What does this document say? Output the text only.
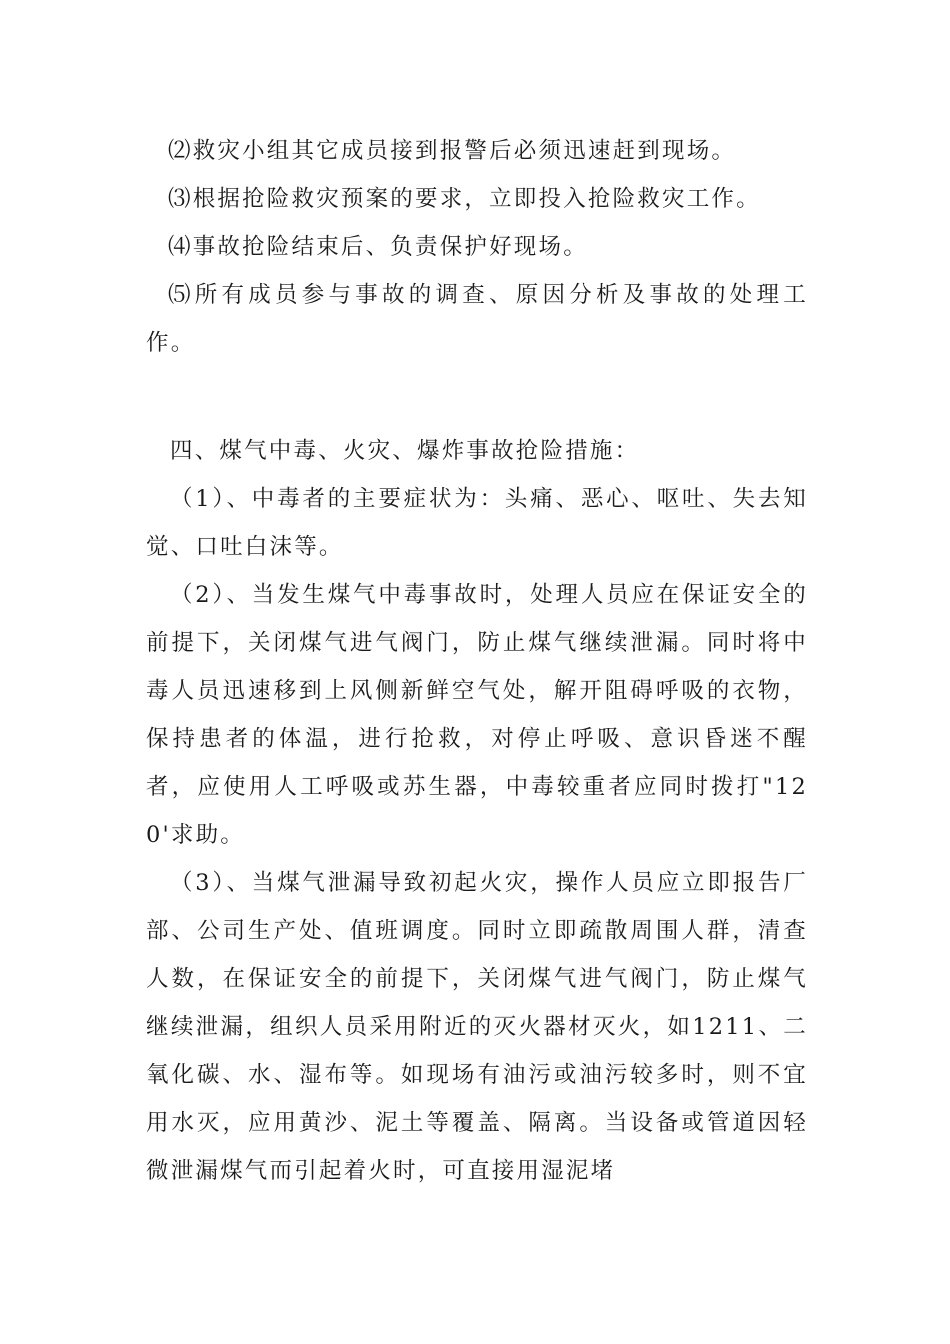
⑵救灾小组其它成员接到报警后必须迅速赶到现场。

⑶根据抢险救灾预案的要求，立即投入抢险救灾工作。

⑷事故抢险结束后、负责保护好现场。

⑸所有成员参与事故的调查、原因分析及事故的处理工作。

四、煤气中毒、火灾、爆炸事故抢险措施：

（1）、中毒者的主要症状为：头痛、恶心、呕吐、失去知觉、口吐白沫等。

（2）、当发生煤气中毒事故时，处理人员应在保证安全的前提下，关闭煤气进气阀门，防止煤气继续泄漏。同时将中毒人员迅速移到上风侧新鲜空气处，解开阻碍呼吸的衣物，保持患者的体温，进行抢救，对停止呼吸、意识昏迷不醒者，应使用人工呼吸或苏生器，中毒较重者应同时拨打"120'求助。

（3）、当煤气泄漏导致初起火灾，操作人员应立即报告厂部、公司生产处、值班调度。同时立即疏散周围人群，清查人数，在保证安全的前提下，关闭煤气进气阀门，防止煤气继续泄漏，组织人员采用附近的灭火器材灭火，如1211、二氧化碳、水、湿布等。如现场有油污或油污较多时，则不宜用水灭，应用黄沙、泥土等覆盖、隔离。当设备或管道因轻微泄漏煤气而引起着火时，可直接用湿泥堵
